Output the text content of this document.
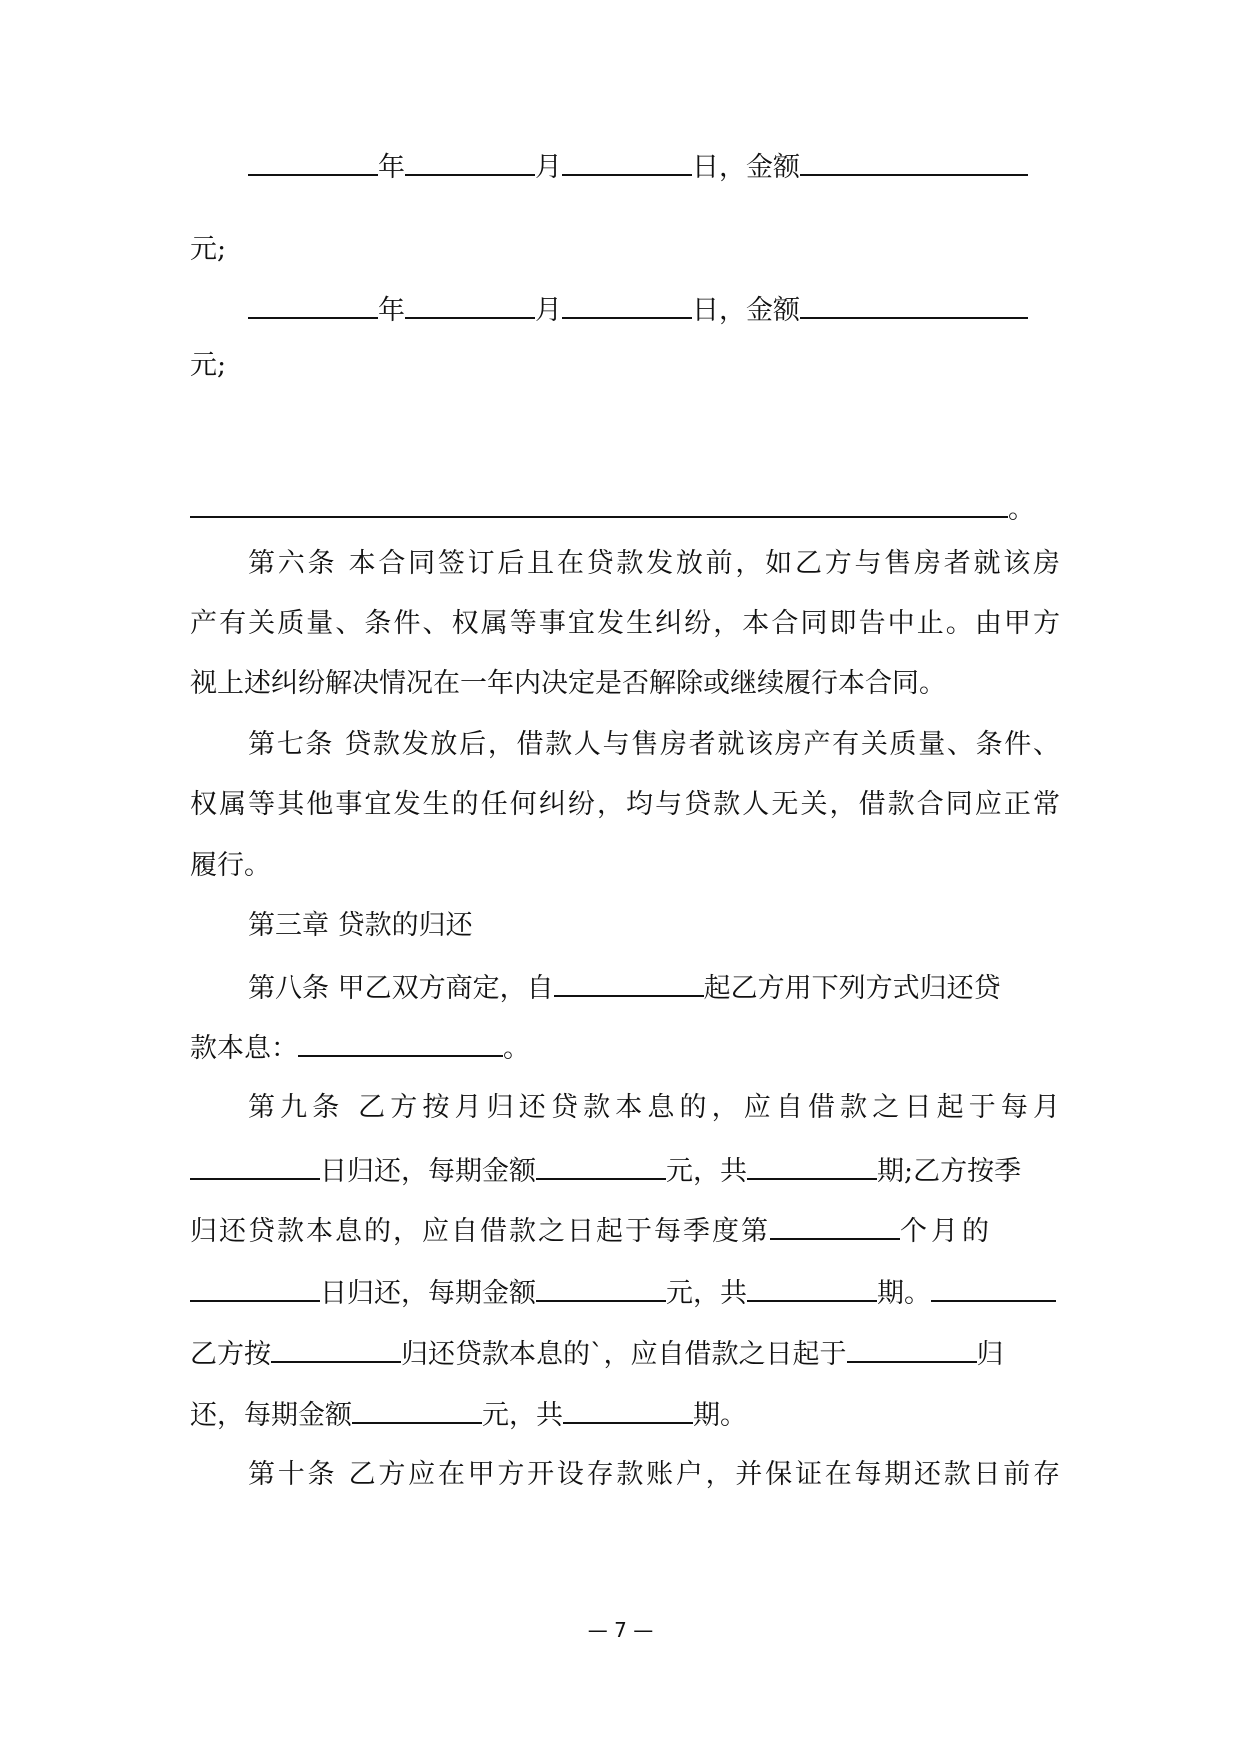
年	月	日，金额
元;
年	月	日，金额
元;
。
第六条 本合同签订后且在贷款发放前，如乙方与售房者就该房
产有关质量、条件、权属等事宜发生纠纷，本合同即告中止。由甲方
视上述纠纷解决情况在一年内决定是否解除或继续履行本合同。
第七条 贷款发放后，借款人与售房者就该房产有关质量、条件、
权属等其他事宜发生的任何纠纷，均与贷款人无关，借款合同应正常
履行。
第三章 贷款的归还
第八条 甲乙双方商定，自	起乙方用下列方式归还贷
款本息：	。
第九条 乙方按月归还贷款本息的，应自借款之日起于每月
日归还，每期金额	元，共	期;乙方按季
归还贷款本息的，应自借款之日起于每季度第	个月的
日归还，每期金额	元，共	期。
乙方按	归还贷款本息的`，应自借款之日起于	归
还，每期金额	元，共	期。
第十条 乙方应在甲方开设存款账户，并保证在每期还款日前存
— 7 —
